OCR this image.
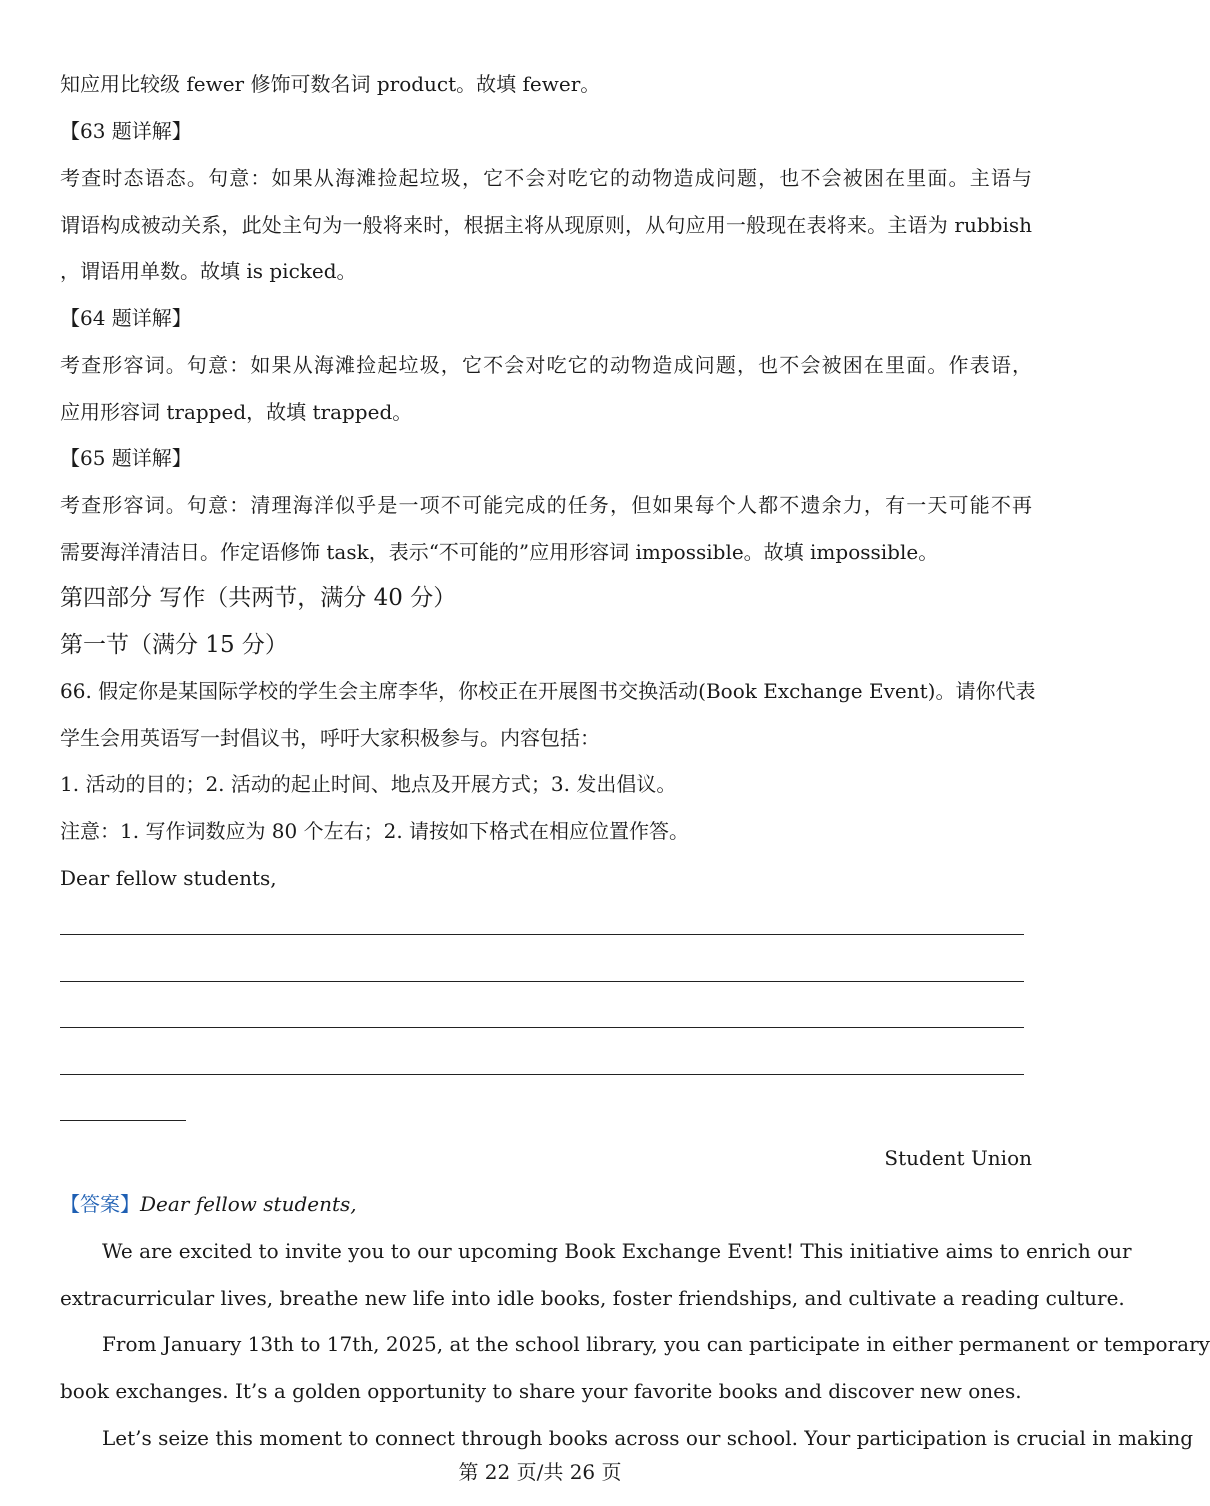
知应用比较级 fewer 修饰可数名词 product。故填 fewer。
【63 题详解】
考查时态语态。句意：如果从海滩捡起垃圾，它不会对吃它的动物造成问题，也不会被困在里面。主语与
谓语构成被动关系，此处主句为一般将来时，根据主将从现原则，从句应用一般现在表将来。主语为 rubbish
，谓语用单数。故填 is picked。
【64 题详解】
考查形容词。句意：如果从海滩捡起垃圾，它不会对吃它的动物造成问题，也不会被困在里面。作表语，
应用形容词 trapped，故填 trapped。
【65 题详解】
考查形容词。句意：清理海洋似乎是一项不可能完成的任务，但如果每个人都不遗余力，有一天可能不再
需要海洋清洁日。作定语修饰 task，表示“不可能的”应用形容词 impossible。故填 impossible。
第四部分 写作（共两节，满分 40 分）
第一节（满分 15 分）
66. 假定你是某国际学校的学生会主席李华，你校正在开展图书交换活动(Book Exchange Event)。请你代表
学生会用英语写一封倡议书，呼吁大家积极参与。内容包括：
1. 活动的目的；2. 活动的起止时间、地点及开展方式；3. 发出倡议。
注意：1. 写作词数应为 80 个左右；2. 请按如下格式在相应位置作答。
Dear fellow students,
Student Union
【答案】Dear fellow students,
We are excited to invite you to our upcoming Book Exchange Event! This initiative aims to enrich our
extracurricular lives, breathe new life into idle books, foster friendships, and cultivate a reading culture.
From January 13th to 17th, 2025, at the school library, you can participate in either permanent or temporary
book exchanges. It’s a golden opportunity to share your favorite books and discover new ones.
Let’s seize this moment to connect through books across our school. Your participation is crucial in making
第 22 页/共 26 页
